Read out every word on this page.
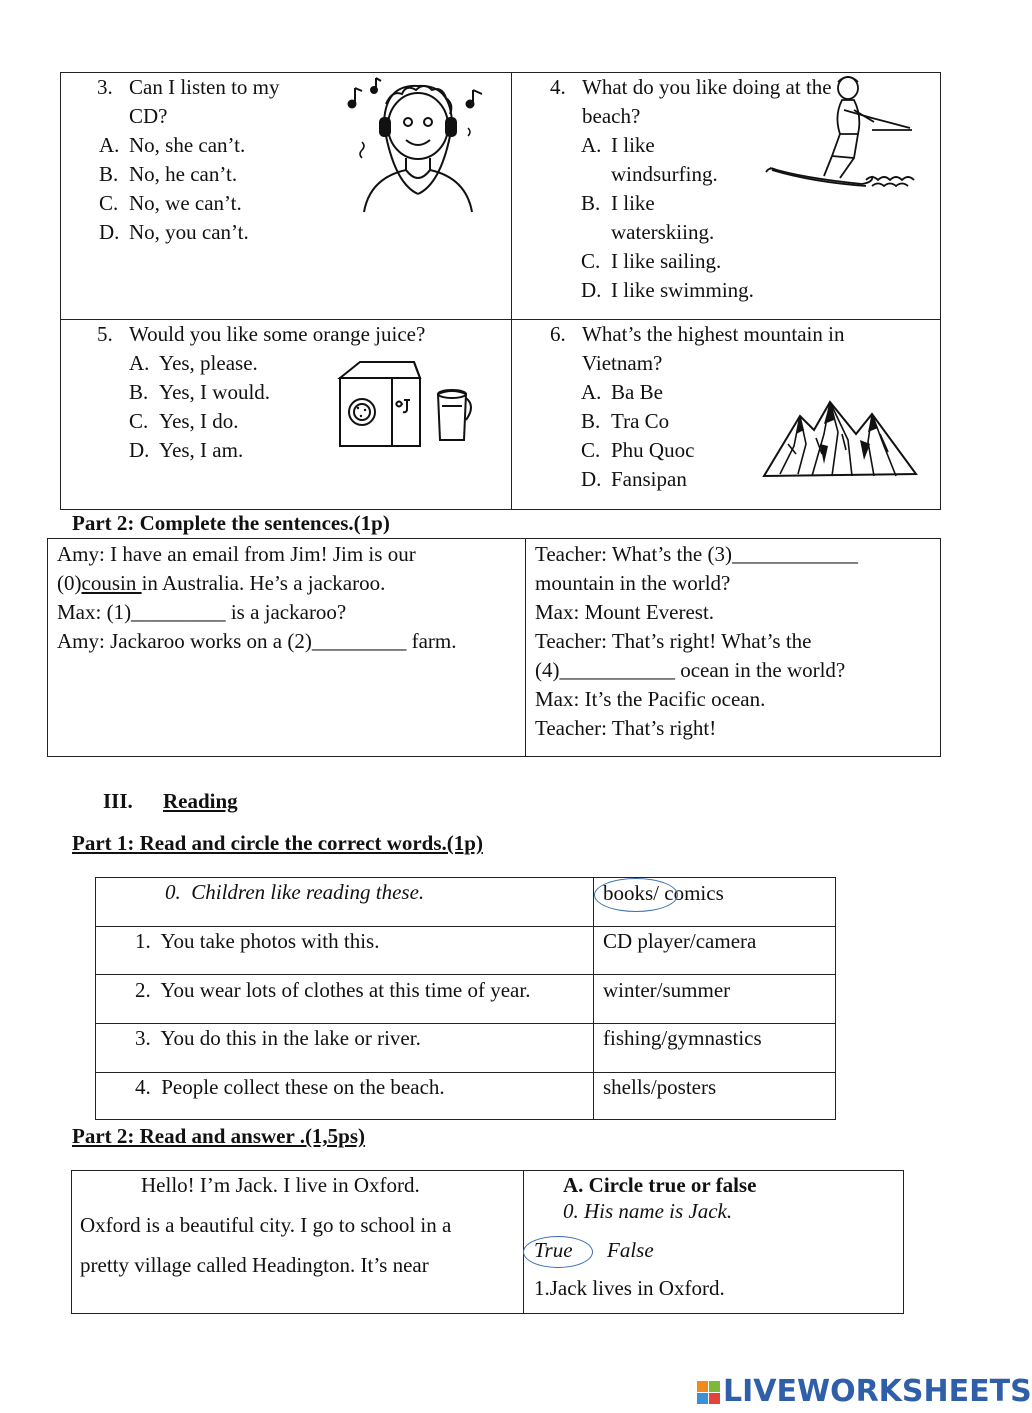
3. Can I listen to my
CD?
A. No, she can’t.
B. No, he can’t.
C. No, we can’t.
D. No, you can’t.
4. What do you like doing at the
beach?
A. I like
windsurfing.
B. I like
waterskiing.
C. I like sailing.
D. I like swimming.
5. Would you like some orange juice?
A. Yes, please.
B. Yes, I would.
C. Yes, I do.
D. Yes, I am.
6. What’s the highest mountain in
Vietnam?
A. Ba Be
B. Tra Co
C. Phu Quoc
D. Fansipan
Part 2: Complete the sentences.(1p)
Amy: I have an email from Jim! Jim is our
(0)cousin in Australia. He’s a jackaroo.
Max: (1)_________ is a jackaroo?
Amy: Jackaroo works on a (2)_________ farm.
Teacher: What’s the (3)____________
mountain in the world?
Max: Mount Everest.
Teacher: That’s right! What’s the
(4)___________ ocean in the world?
Max: It’s the Pacific ocean.
Teacher: That’s right!
III. Reading
Part 1: Read and circle the correct words.(1p)
0. Children like reading these.	books/ comics
1. You take photos with this.	CD player/camera
2. You wear lots of clothes at this time of year.	winter/summer
3. You do this in the lake or river.	fishing/gymnastics
4. People collect these on the beach.	shells/posters
Part 2: Read and answer .(1,5ps)
Hello! I’m Jack. I live in Oxford.
Oxford is a beautiful city. I go to school in a
pretty village called Headington. It’s near
A. Circle true or false
0. His name is Jack.
True False
1.Jack lives in Oxford.
LIVEWORKSHEETS
